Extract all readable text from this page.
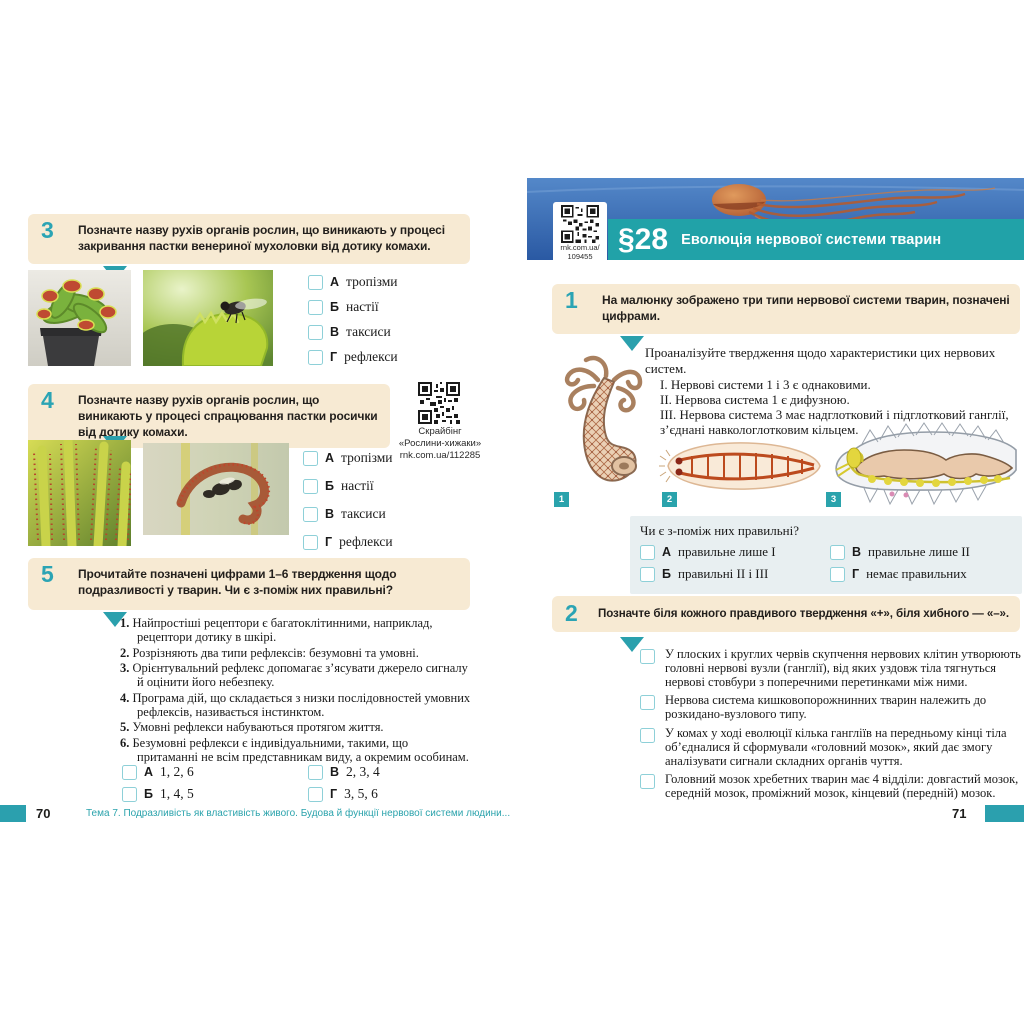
3 Позначте назву рухів органів рослин, що виникають у процесі закривання пастки венериної мухоловки від дотику комахи.

А тропізми
Б настії
В таксиси
Г рефлекси
4 Позначте назву рухів органів рослин, що виникають у процесі спрацювання пастки росички від дотику комахи.	Скрайбінг
«Рослини-хижаки»
rnk.com.ua/112285
А тропізми
Б настії
В таксиси
Г рефлекси
5 Прочитайте позначені цифрами 1–6 твердження щодо подразливості у тварин. Чи є з-поміж них правильні?

1. Найпростіші рецептори є багатоклітинними, наприклад, рецептори дотику в шкірі.
2. Розрізняють два типи рефлексів: безумовні та умовні.
3. Орієнтувальний рефлекс допомагає з’ясувати джерело сигналу й оцінити його небезпеку.
4. Програма дій, що складається з низки послідовностей умовних рефлексів, називається інстинктом.
5. Умовні рефлекси набуваються протягом життя.
6. Безумовні рефлекси є індивідуальними, такими, що притаманні не всім представникам виду, а окремим особинам.
А 1, 2, 6	В 2, 3, 4
Б 1, 4, 5	Г 3, 5, 6
70	Тема 7. Подразливість як властивість живого. Будова й функції нервової системи людини...
§28 Еволюція нервової системи тварин
rnk.com.ua/
109455
1 На малюнку зображено три типи нервової системи тварин, позначені цифрами.

Проаналізуйте твердження щодо характеристики цих нервових систем.
I. Нервові системи 1 і 3 є однаковими.
II. Нервова система 1 є дифузною.
III. Нервова система 3 має надглотковий і підглотковий ганглії, з’єднані навкологлотковим кільцем.
1	2	3
Чи є з-поміж них правильні?
А правильне лише I	В правильне лише II
Б правильні II і III	Г немає правильних
2 Позначте біля кожного правдивого твердження «+», біля хибного — «–».

У плоских і круглих червів скупчення нервових клітин утворюють головні нервові вузли (ганглії), від яких уздовж тіла тягнуться нервові стовбури з поперечними перетинками між ними.
Нервова система кишковопорожнинних тварин належить до розкидано-вузлового типу.
У комах у ході еволюції кілька гангліїв на передньому кінці тіла об’єдналися й сформували «головний мозок», який дає змогу аналізувати сигнали складних органів чуття.
Головний мозок хребетних тварин має 4 відділи: довгастий мозок, середній мозок, проміжний мозок, кінцевий (передній) мозок.
71
